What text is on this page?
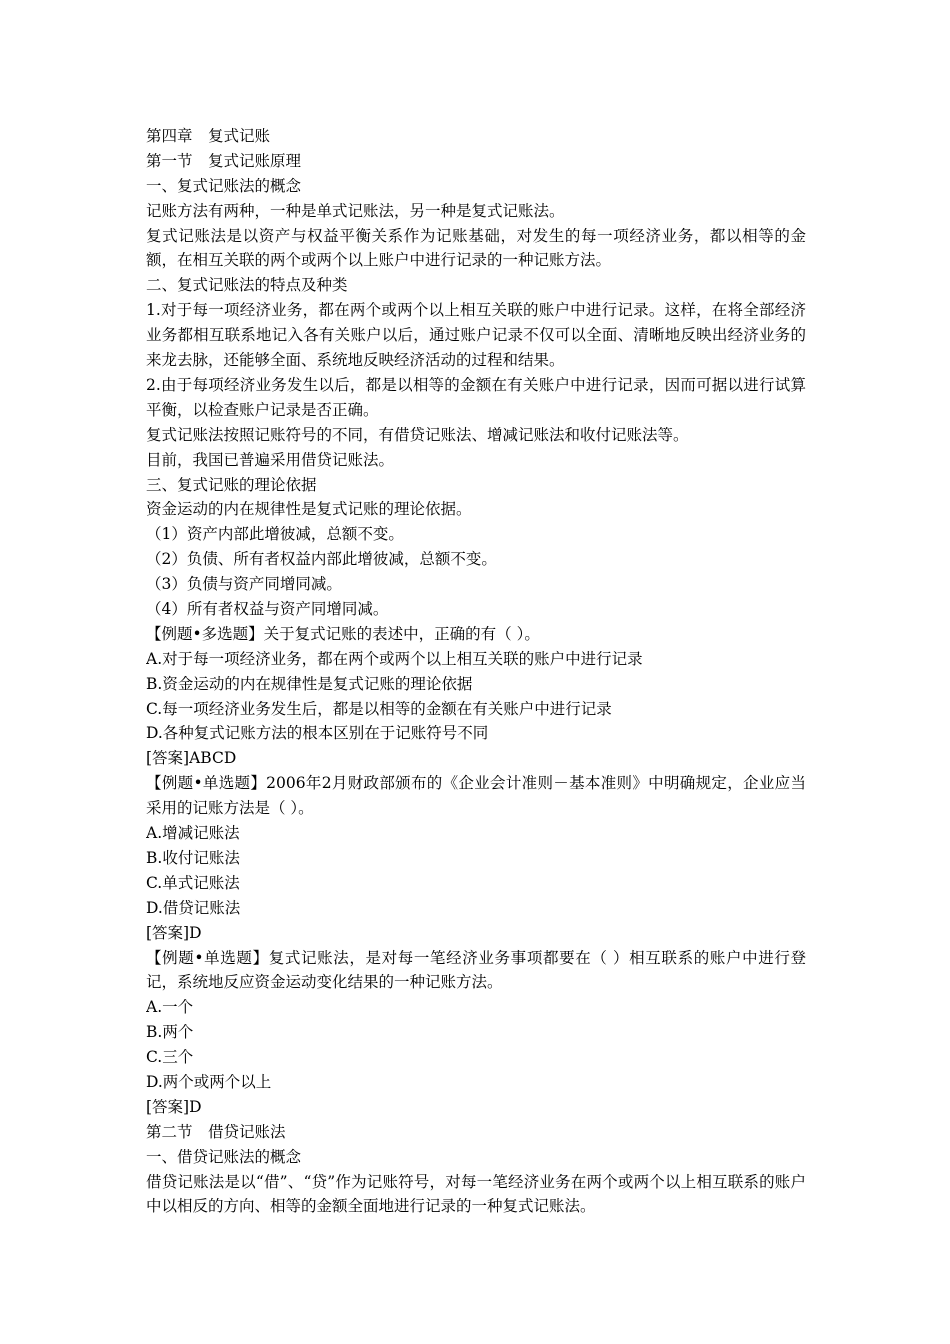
第四章　复式记账
第一节　复式记账原理
一、复式记账法的概念
记账方法有两种，一种是单式记账法，另一种是复式记账法。
复式记账法是以资产与权益平衡关系作为记账基础，对发生的每一项经济业务，都以相等的金额，在相互关联的两个或两个以上账户中进行记录的一种记账方法。
二、复式记账法的特点及种类
1.对于每一项经济业务，都在两个或两个以上相互关联的账户中进行记录。这样，在将全部经济业务都相互联系地记入各有关账户以后，通过账户记录不仅可以全面、清晰地反映出经济业务的来龙去脉，还能够全面、系统地反映经济活动的过程和结果。
2.由于每项经济业务发生以后，都是以相等的金额在有关账户中进行记录，因而可据以进行试算平衡，以检查账户记录是否正确。
复式记账法按照记账符号的不同，有借贷记账法、增减记账法和收付记账法等。
目前，我国已普遍采用借贷记账法。
三、复式记账的理论依据
资金运动的内在规律性是复式记账的理论依据。
（1）资产内部此增彼减，总额不变。
（2）负债、所有者权益内部此增彼减，总额不变。
（3）负债与资产同增同减。
（4）所有者权益与资产同增同减。
【例题•多选题】关于复式记账的表述中，正确的有（ ）。
A.对于每一项经济业务，都在两个或两个以上相互关联的账户中进行记录
B.资金运动的内在规律性是复式记账的理论依据
C.每一项经济业务发生后，都是以相等的金额在有关账户中进行记录
D.各种复式记账方法的根本区别在于记账符号不同
[答案]ABCD
【例题•单选题】2006年2月财政部颁布的《企业会计准则－基本准则》中明确规定，企业应当采用的记账方法是（ ）。
A.增减记账法
B.收付记账法
C.单式记账法
D.借贷记账法
[答案]D
【例题•单选题】复式记账法，是对每一笔经济业务事项都要在（ ）相互联系的账户中进行登记，系统地反应资金运动变化结果的一种记账方法。
A.一个
B.两个
C.三个
D.两个或两个以上
[答案]D
第二节　借贷记账法
一、借贷记账法的概念
借贷记账法是以“借”、“贷”作为记账符号，对每一笔经济业务在两个或两个以上相互联系的账户中以相反的方向、相等的金额全面地进行记录的一种复式记账法。
